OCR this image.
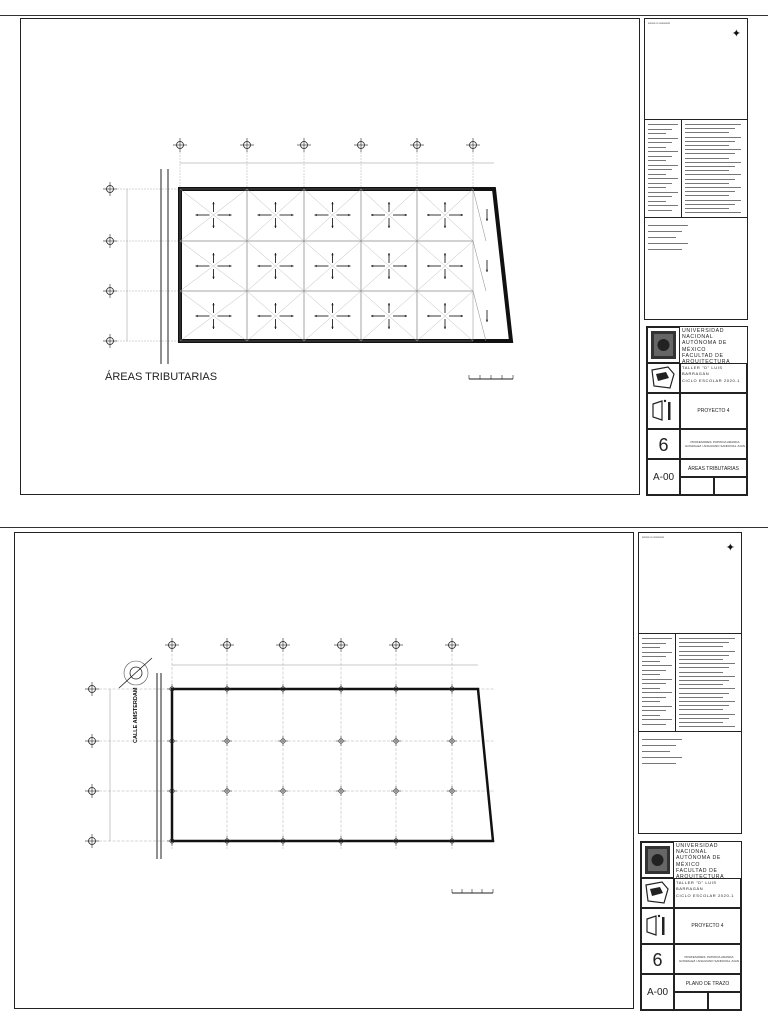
ÁREAS TRIBUTARIAS
▪▪▪▪▪▪▪ ▪▪ ▪▪▪▪▪▪▪▪▪▪
✦
UNIVERSIDAD NACIONAL
AUTÓNOMA DE MÉXICO
FACULTAD DE ARQUITECTURA
TALLER "D" LUIS BARRAGÁN
CICLO ESCOLAR 2020-1
PROYECTO 4
6	PROFESORES: PATRICIA ARANDA GONZALEZ / ANGUIANO SANDOVAL JUAN
A-00
ÁREAS TRIBUTARIAS
CALLE AMSTERDAM
▪▪▪▪▪▪▪ ▪▪ ▪▪▪▪▪▪▪▪▪▪
✦
UNIVERSIDAD NACIONAL
AUTÓNOMA DE MÉXICO
FACULTAD DE ARQUITECTURA
TALLER "D" LUIS BARRAGÁN
CICLO ESCOLAR 2020-1
PROYECTO 4
6	PROFESORES: PATRICIA ARANDA GONZALEZ / ANGUIANO SANDOVAL JUAN
A-00
PLANO DE TRAZO
